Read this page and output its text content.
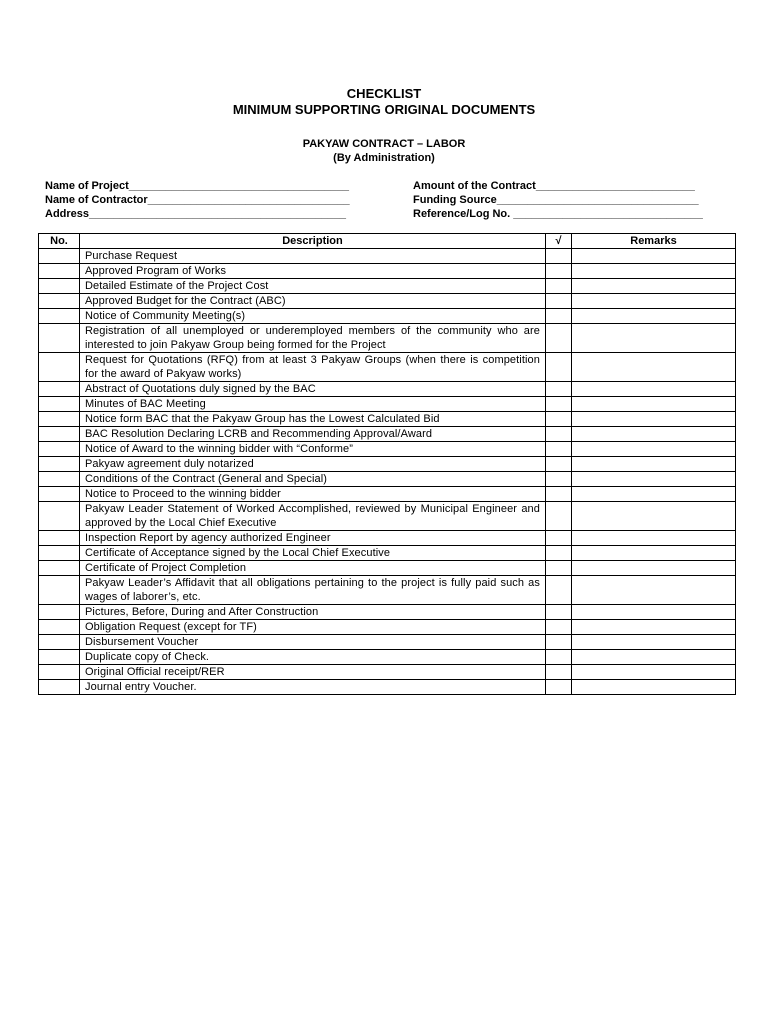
CHECKLIST
MINIMUM SUPPORTING ORIGINAL DOCUMENTS
PAKYAW CONTRACT – LABOR
(By Administration)
Name of Project____________________________________
Name of Contractor_________________________________
Address__________________________________________
Amount of the Contract__________________________
Funding Source_________________________________
Reference/Log No. _______________________________
No.	Description	√	Remarks
	Purchase Request		
	Approved Program of Works		
	Detailed Estimate of the Project Cost		
	Approved Budget for the Contract (ABC)		
	Notice of Community Meeting(s)		
	Registration of all unemployed or underemployed members of the community who are interested to join Pakyaw Group being formed for the Project		
	Request for Quotations (RFQ) from at least 3 Pakyaw Groups (when there is competition for the award of Pakyaw works)		
	Abstract of Quotations duly signed by the BAC		
	Minutes of BAC Meeting		
	Notice form BAC that the Pakyaw Group has the Lowest Calculated Bid		
	BAC Resolution Declaring LCRB and Recommending Approval/Award		
	Notice of Award to the winning bidder with “Conforme”		
	Pakyaw agreement duly notarized		
	Conditions of the Contract (General and Special)		
	Notice to Proceed to the winning bidder		
	Pakyaw Leader Statement of Worked Accomplished, reviewed by Municipal Engineer and approved by the Local Chief Executive		
	Inspection Report by agency authorized Engineer		
	Certificate of Acceptance signed by the Local Chief Executive		
	Certificate of Project Completion		
	Pakyaw Leader’s Affidavit that all obligations pertaining to the project is fully paid such as wages of laborer’s, etc.		
	Pictures, Before, During and After Construction		
	Obligation Request (except for TF)		
	Disbursement Voucher		
	Duplicate copy of Check.		
	Original Official receipt/RER		
	Journal entry Voucher.		
